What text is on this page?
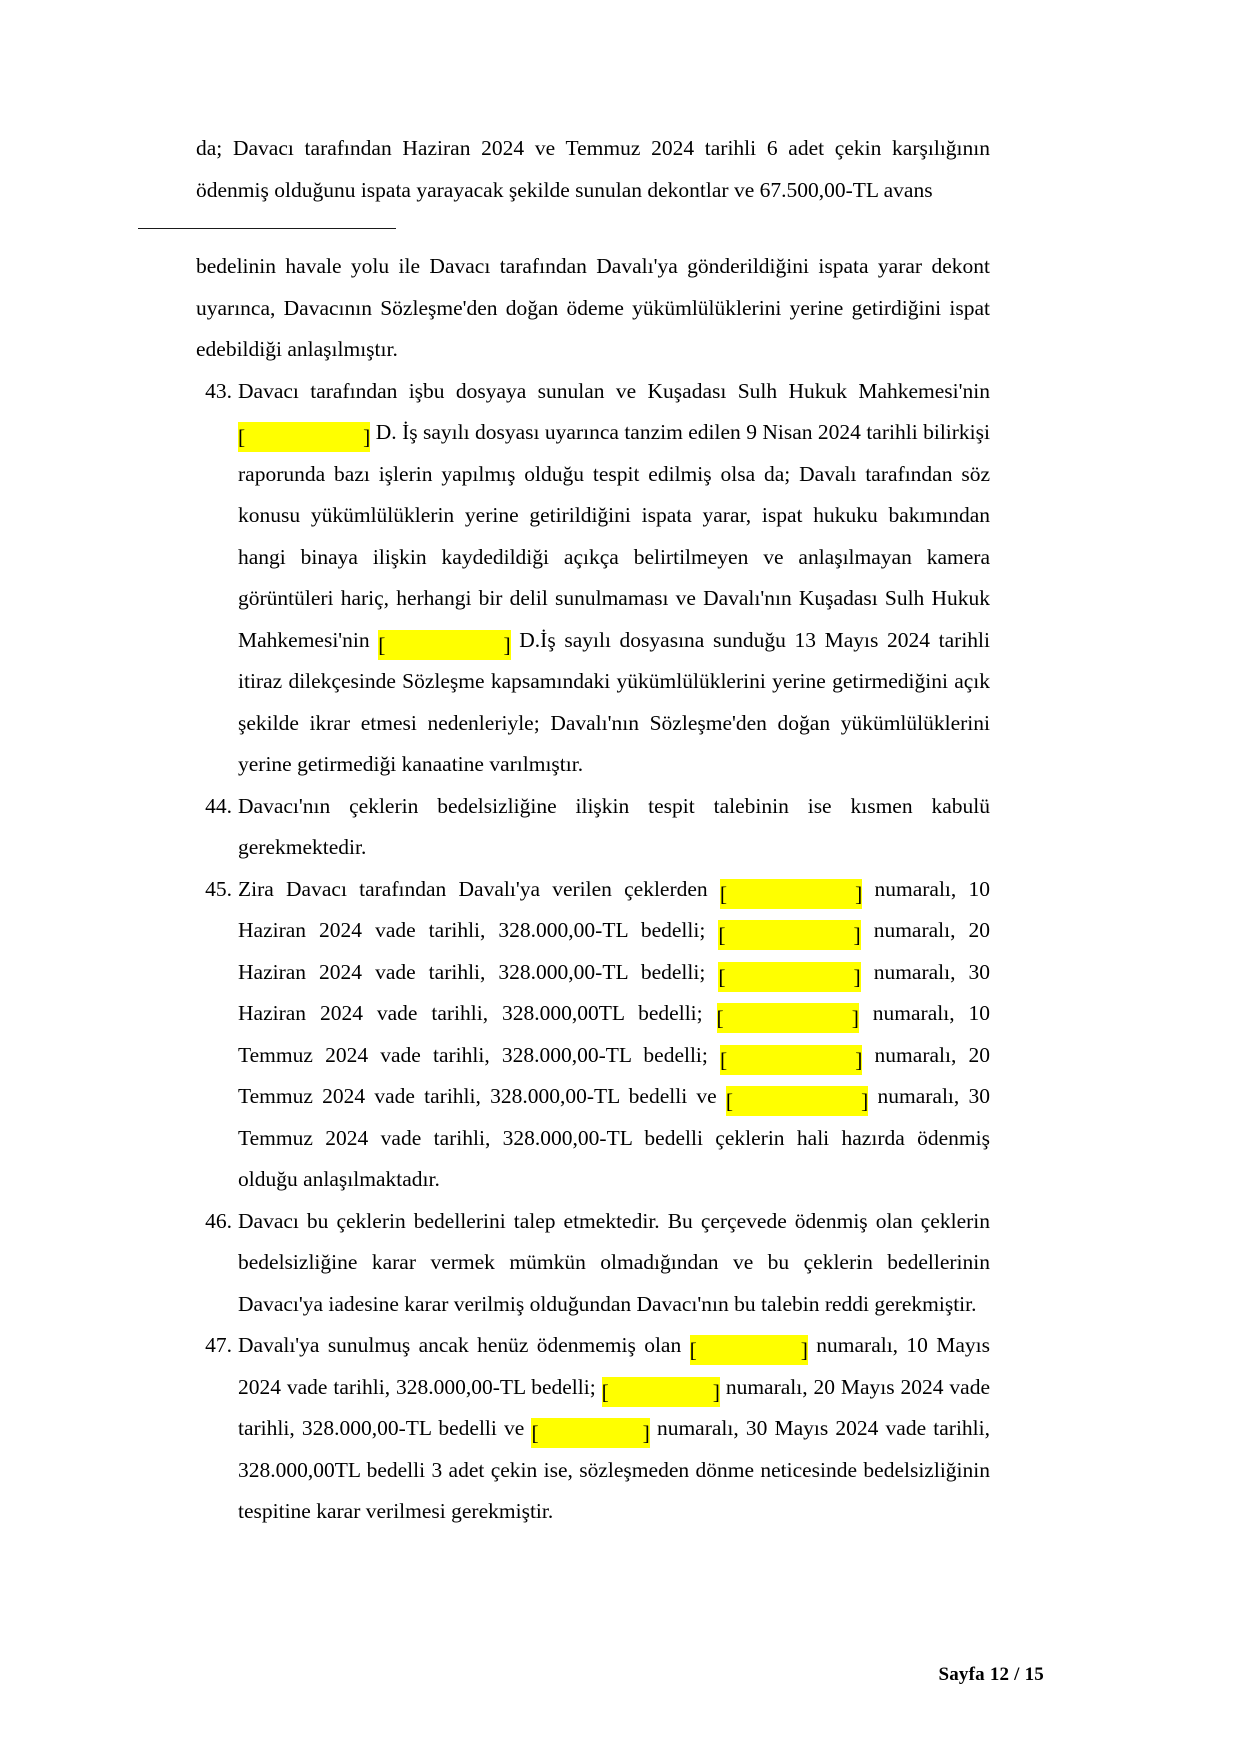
da; Davacı tarafından Haziran 2024 ve Temmuz 2024 tarihli 6 adet çekin karşılığının ödenmiş olduğunu ispata yarayacak şekilde sunulan dekontlar ve 67.500,00-TL avans

bedelinin havale yolu ile Davacı tarafından Davalı'ya gönderildiğini ispata yarar dekont uyarınca, Davacının Sözleşme'den doğan ödeme yükümlülüklerini yerine getirdiğini ispat edebildiği anlaşılmıştır.

43. Davacı tarafından işbu dosyaya sunulan ve Kuşadası Sulh Hukuk Mahkemesi'nin [	] D. İş sayılı dosyası uyarınca tanzim edilen 9 Nisan 2024 tarihli bilirkişi raporunda bazı işlerin yapılmış olduğu tespit edilmiş olsa da; Davalı tarafından söz konusu yükümlülüklerin yerine getirildiğini ispata yarar, ispat hukuku bakımından hangi binaya ilişkin kaydedildiği açıkça belirtilmeyen ve anlaşılmayan kamera görüntüleri hariç, herhangi bir delil sunulmaması ve Davalı'nın Kuşadası Sulh Hukuk Mahkemesi'nin [	] D.İş sayılı dosyasına sunduğu 13 Mayıs 2024 tarihli itiraz dilekçesinde Sözleşme kapsamındaki yükümlülüklerini yerine getirmediğini açık şekilde ikrar etmesi nedenleriyle; Davalı'nın Sözleşme'den doğan yükümlülüklerini yerine getirmediği kanaatine varılmıştır.

44. Davacı'nın çeklerin bedelsizliğine ilişkin tespit talebinin ise kısmen kabulü gerekmektedir.

45. Zira Davacı tarafından Davalı'ya verilen çeklerden [	] numaralı, 10 Haziran 2024 vade tarihli, 328.000,00-TL bedelli; [	] numaralı, 20 Haziran 2024 vade tarihli, 328.000,00-TL bedelli; [	] numaralı, 30 Haziran 2024 vade tarihli, 328.000,00TL bedelli; [	] numaralı, 10 Temmuz 2024 vade tarihli, 328.000,00-TL bedelli; [	] numaralı, 20 Temmuz 2024 vade tarihli, 328.000,00-TL bedelli ve [	] numaralı, 30 Temmuz 2024 vade tarihli, 328.000,00-TL bedelli çeklerin hali hazırda ödenmiş olduğu anlaşılmaktadır.

46. Davacı bu çeklerin bedellerini talep etmektedir. Bu çerçevede ödenmiş olan çeklerin bedelsizliğine karar vermek mümkün olmadığından ve bu çeklerin bedellerinin Davacı'ya iadesine karar verilmiş olduğundan Davacı'nın bu talebin reddi gerekmiştir.

47. Davalı'ya sunulmuş ancak henüz ödenmemiş olan [	] numaralı, 10 Mayıs 2024 vade tarihli, 328.000,00-TL bedelli; [	] numaralı, 20 Mayıs 2024 vade tarihli, 328.000,00-TL bedelli ve [	] numaralı, 30 Mayıs 2024 vade tarihli, 328.000,00TL bedelli 3 adet çekin ise, sözleşmeden dönme neticesinde bedelsizliğinin tespitine karar verilmesi gerekmiştir.

Sayfa 12 / 15
